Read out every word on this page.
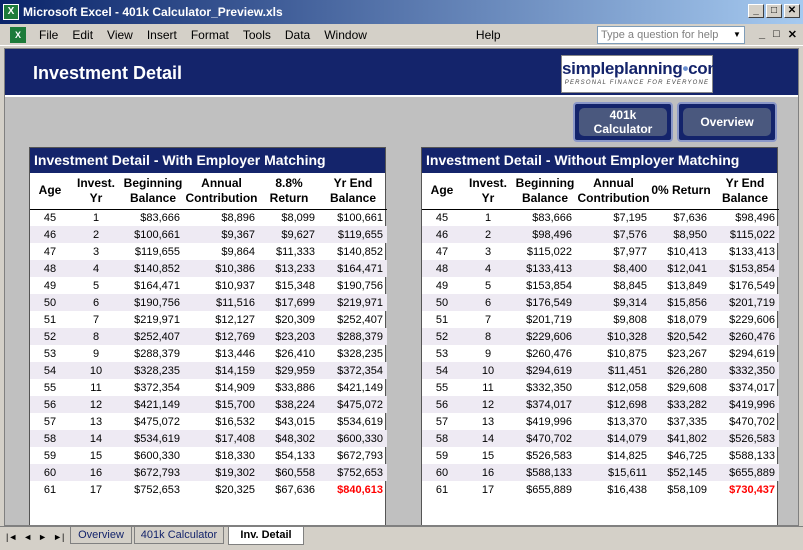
X Microsoft Excel - 401k Calculator_Preview.xls	_	□	✕
X	File	Edit	View	Insert	Format	Tools	Data	Window	Help	Type a question for help ▼ _ □ ✕
Investment Detail	simpleplanning•com
PERSONAL FINANCE FOR EVERYONE
401k Calculator	Overview
Investment Detail - With Employer Matching
Age	Invest. Yr	Beginning Balance	Annual Contribution	8.8% Return	Yr End Balance
45	1	$83,666	$8,896	$8,099	$100,661
46	2	$100,661	$9,367	$9,627	$119,655
47	3	$119,655	$9,864	$11,333	$140,852
48	4	$140,852	$10,386	$13,233	$164,471
49	5	$164,471	$10,937	$15,348	$190,756
50	6	$190,756	$11,516	$17,699	$219,971
51	7	$219,971	$12,127	$20,309	$252,407
52	8	$252,407	$12,769	$23,203	$288,379
53	9	$288,379	$13,446	$26,410	$328,235
54	10	$328,235	$14,159	$29,959	$372,354
55	11	$372,354	$14,909	$33,886	$421,149
56	12	$421,149	$15,700	$38,224	$475,072
57	13	$475,072	$16,532	$43,015	$534,619
58	14	$534,619	$17,408	$48,302	$600,330
59	15	$600,330	$18,330	$54,133	$672,793
60	16	$672,793	$19,302	$60,558	$752,653
61	17	$752,653	$20,325	$67,636	$840,613
Investment Detail - Without Employer Matching
Age	Invest. Yr	Beginning Balance	Annual Contribution	0% Return	Yr End Balance
45	1	$83,666	$7,195	$7,636	$98,496
46	2	$98,496	$7,576	$8,950	$115,022
47	3	$115,022	$7,977	$10,413	$133,413
48	4	$133,413	$8,400	$12,041	$153,854
49	5	$153,854	$8,845	$13,849	$176,549
50	6	$176,549	$9,314	$15,856	$201,719
51	7	$201,719	$9,808	$18,079	$229,606
52	8	$229,606	$10,328	$20,542	$260,476
53	9	$260,476	$10,875	$23,267	$294,619
54	10	$294,619	$11,451	$26,280	$332,350
55	11	$332,350	$12,058	$29,608	$374,017
56	12	$374,017	$12,698	$33,282	$419,996
57	13	$419,996	$13,370	$37,335	$470,702
58	14	$470,702	$14,079	$41,802	$526,583
59	15	$526,583	$14,825	$46,725	$588,133
60	16	$588,133	$15,611	$52,145	$655,889
61	17	$655,889	$16,438	$58,109	$730,437
|◄ ◄ ► ►|	Overview	401k Calculator	Inv. Detail
